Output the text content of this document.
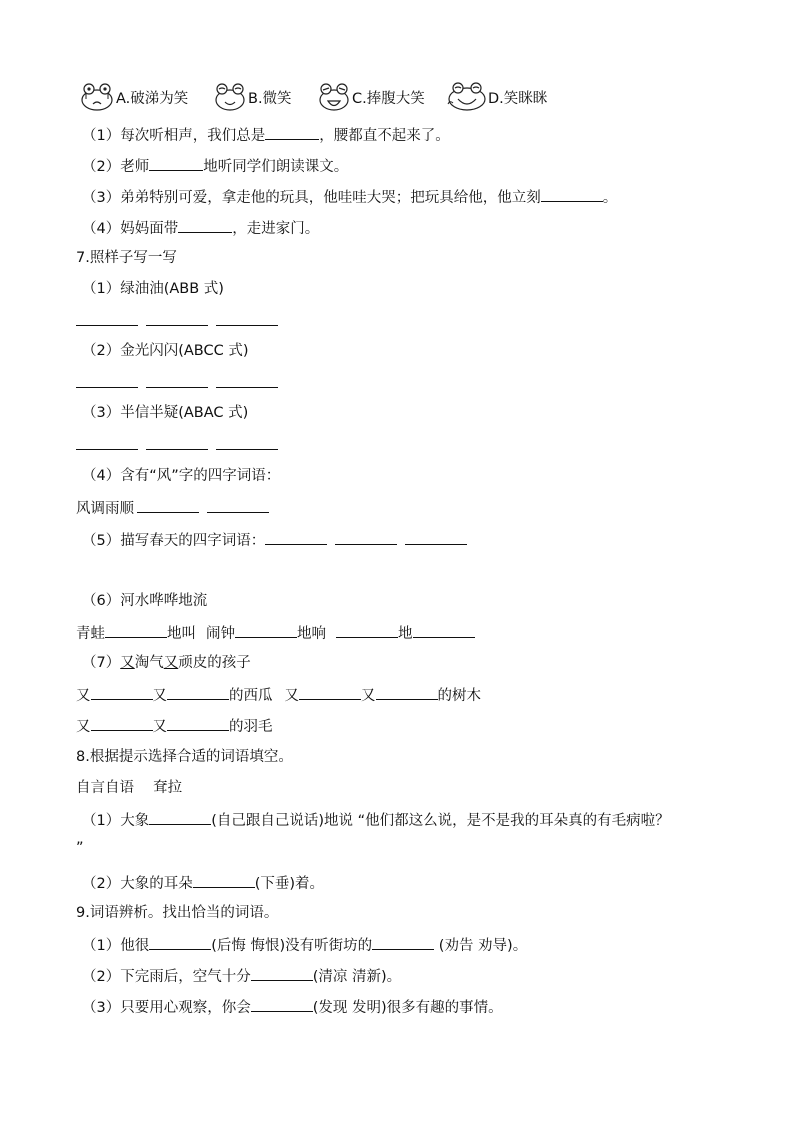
A.破涕为笑	B.微笑	C.捧腹大笑	D.笑眯眯
（1）每次听相声，我们总是	，腰都直不起来了。
（2）老师	地听同学们朗读课文。
（3）弟弟特别可爱，拿走他的玩具，他哇哇大哭；把玩具给他，他立刻	。
（4）妈妈面带	，走进家门。
7.照样子写一写
（1）绿油油(ABB 式)
（2）金光闪闪(ABCC 式)
（3）半信半疑(ABAC 式)
（4）含有“风”字的四字词语：
风调雨顺
（5）描写春天的四字词语：
（6）河水哗哗地流
青蛙	地叫 闹钟	地响	地
（7）又淘气又顽皮的孩子
又	又	的西瓜 又	又	的树木
又	又	的羽毛
8.根据提示选择合适的词语填空。
自言自语　 耷拉
（1）大象	(自己跟自己说话)地说 “他们都这么说，是不是我的耳朵真的有毛病啦？
”
（2）大象的耳朵	(下垂)着。
9.词语辨析。找出恰当的词语。
（1）他很	(后悔 悔恨)没有听街坊的	(劝告 劝导)。
（2）下完雨后，空气十分	(清凉 清新)。
（3）只要用心观察，你会	(发现 发明)很多有趣的事情。
